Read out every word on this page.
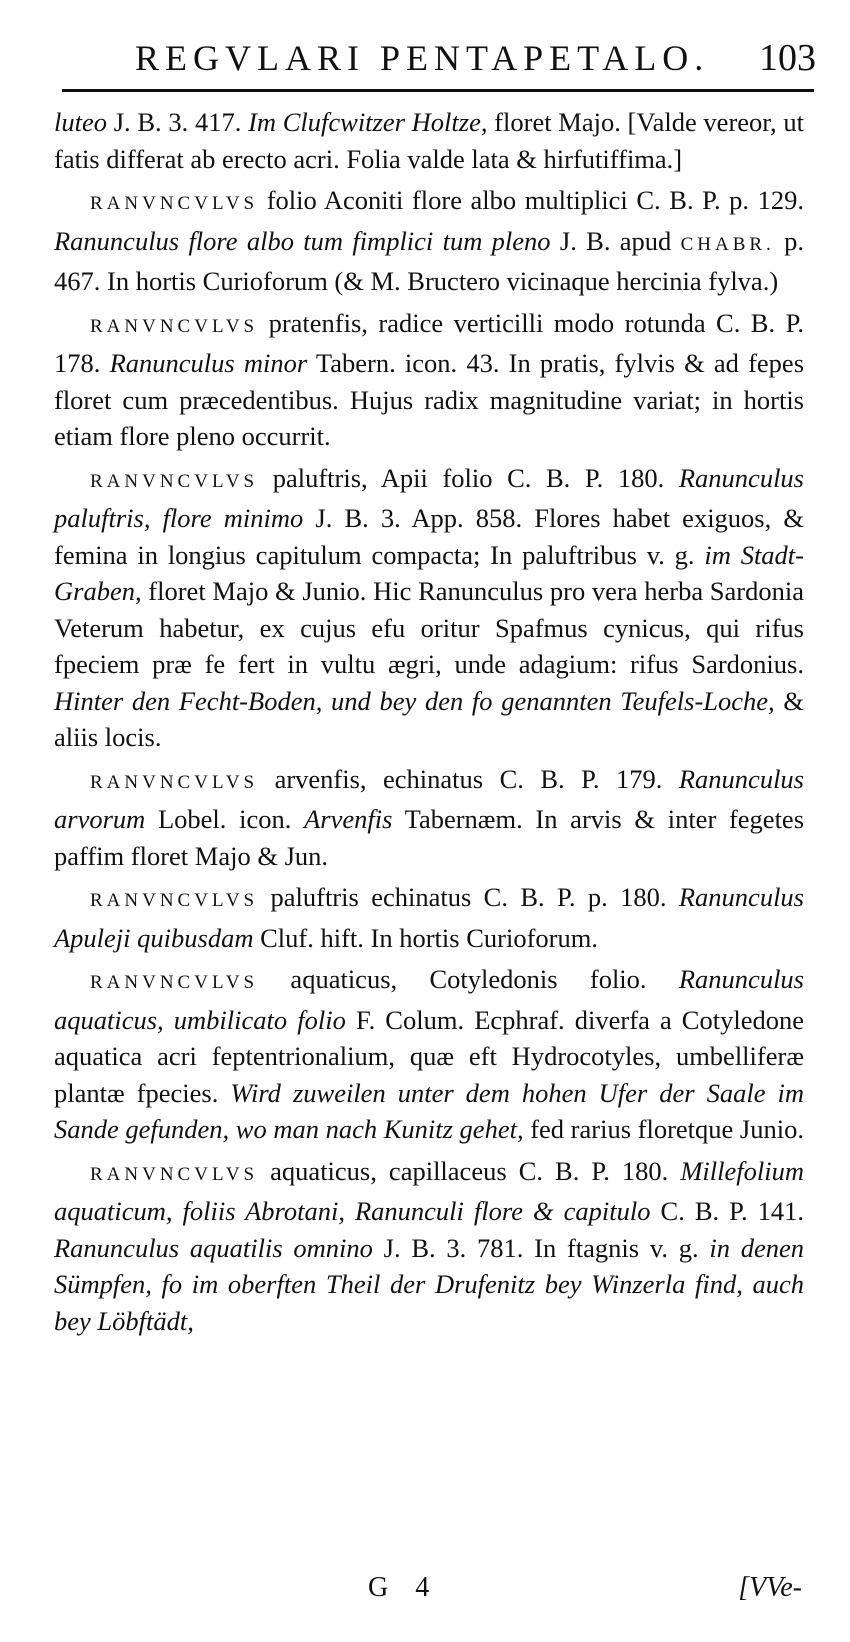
REGVLARI PENTAPETALO. 103

luteo J. B. 3. 417. Im Clufcwitzer Holtze, floret Majo. [Valde vereor, ut fatis differat ab erecto acri. Folia valde lata & hirfutiffima.]

RANVNCVLVS folio Aconiti flore albo multiplici C. B. P. p. 129. Ranunculus flore albo tum fimplici tum pleno J. B. apud CHABR. p. 467. In hortis Curioforum (& M. Bructero vicinaque hercinia fylva.)

RANVNCVLVS pratenfis, radice verticilli modo rotunda C. B. P. 178. Ranunculus minor Tabern. icon. 43. In pratis, fylvis & ad fepes floret cum præcedentibus. Hujus radix magnitudine variat; in hortis etiam flore pleno occurrit.

RANVNCVLVS paluftris, Apii folio C. B. P. 180. Ranunculus paluftris, flore minimo J. B. 3. App. 858. Flores habet exiguos, & femina in longius capitulum compacta; In paluftribus v. g. im Stadt-Graben, floret Majo & Junio. Hic Ranunculus pro vera herba Sardonia Veterum habetur, ex cujus efu oritur Spafmus cynicus, qui rifus fpeciem præ fe fert in vultu ægri, unde adagium: rifus Sardonius. Hinter den Fecht-Boden, und bey den fo genannten Teufels-Loche, & aliis locis.

RANVNCVLVS arvenfis, echinatus C. B. P. 179. Ranunculus arvorum Lobel. icon. Arvenfis Tabernæm. In arvis & inter fegetes paffim floret Majo & Jun.

RANVNCVLVS paluftris echinatus C. B. P. p. 180. Ranunculus Apuleji quibusdam Cluf. hift. In hortis Curioforum.

RANVNCVLVS aquaticus, Cotyledonis folio. Ranunculus aquaticus, umbilicato folio F. Colum. Ecphraf. diverfa a Cotyledone aquatica acri feptentrionalium, quæ eft Hydrocotyles, umbelliferæ plantæ fpecies. Wird zuweilen unter dem hohen Ufer der Saale im Sande gefunden, wo man nach Kunitz gehet, fed rarius floretque Junio.

RANVNCVLVS aquaticus, capillaceus C. B. P. 180. Millefolium aquaticum, foliis Abrotani, Ranunculi flore & capitulo C. B. P. 141. Ranunculus aquatilis omnino J. B. 3. 781. In ftagnis v. g. in denen Sümpfen, fo im oberften Theil der Drufenitz bey Winzerla find, auch bey Löbftädt,

G 4	[VVe-
